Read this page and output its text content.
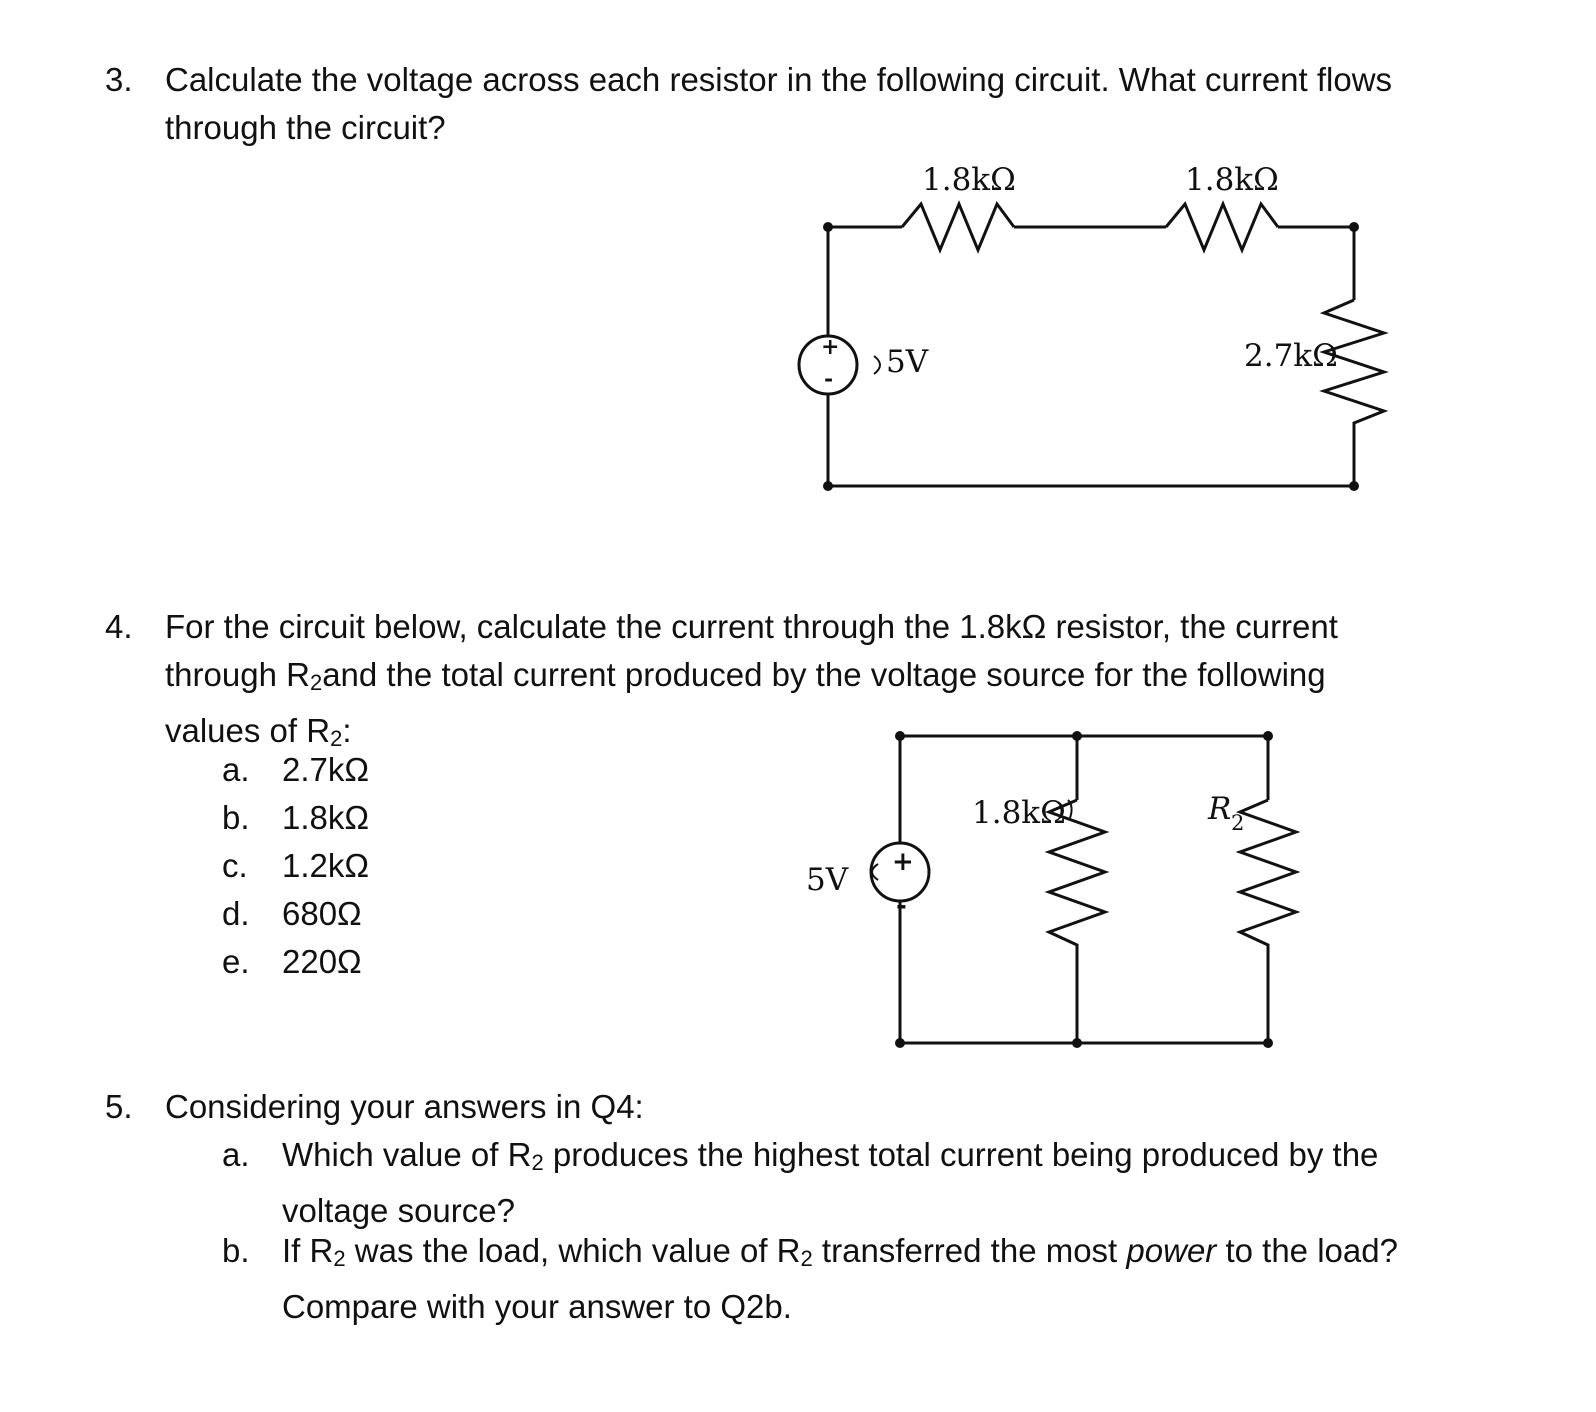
3. Calculate the voltage across each resistor in the following circuit. What current flows
through the circuit?
4. For the circuit below, calculate the current through the 1.8kΩ resistor, the current
through $R_2and$ the total current produced by the voltage source for the following
values of $R_2$:
a. 2.7kΩ
b. 1.8kΩ
c. 1.2kΩ
d. 680Ω
e. 220Ω
5. Considering your answers in Q4:
a. Which value of $R_2$ produces the highest total current being produced by the
voltage source?
b. If $R_2$ was the load, which value of $R_2$ transferred the most power to the load?
Compare with your answer to Q2b.
1.8kΩ	1.8kΩ
2.7kΩ
5V
+
-
1.8kΩ	R 2
5V +
-
